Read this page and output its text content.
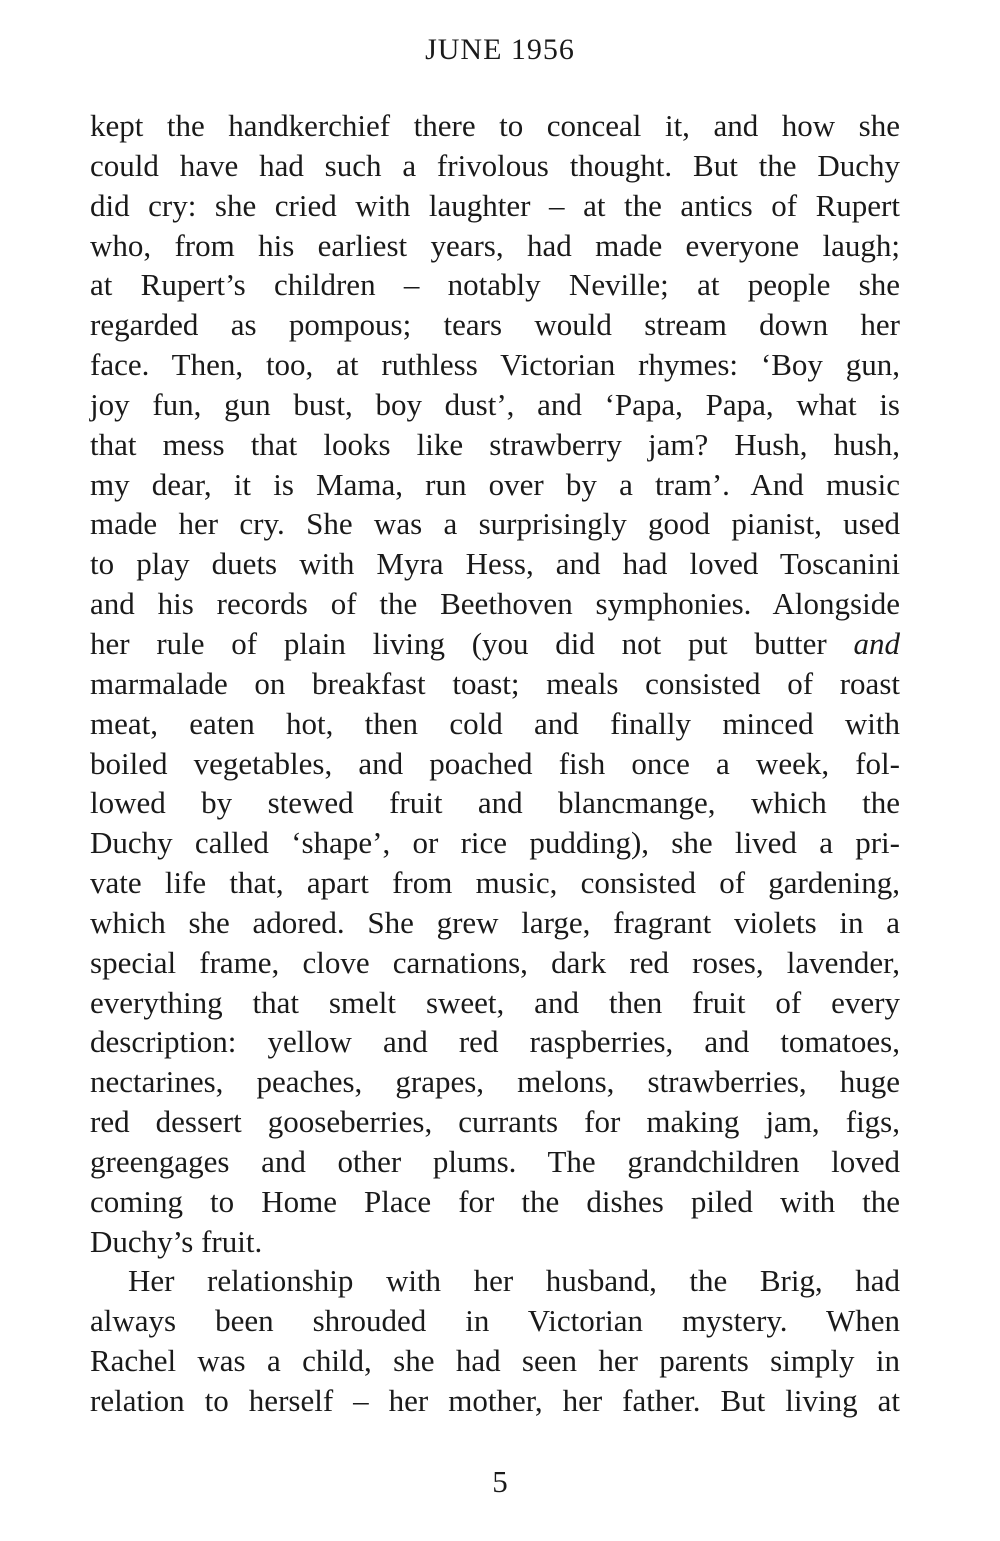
JUNE 1956
kept the handkerchief there to conceal it, and how she
could have had such a frivolous thought. But the Duchy
did cry: she cried with laughter – at the antics of Rupert
who, from his earliest years, had made everyone laugh;
at Rupert’s children – notably Neville; at people she
regarded as pompous; tears would stream down her
face. Then, too, at ruthless Victorian rhymes: ‘Boy gun,
joy fun, gun bust, boy dust’, and ‘Papa, Papa, what is
that mess that looks like strawberry jam? Hush, hush,
my dear, it is Mama, run over by a tram’. And music
made her cry. She was a surprisingly good pianist, used
to play duets with Myra Hess, and had loved Toscanini
and his records of the Beethoven symphonies. Alongside
her rule of plain living (you did not put butter and
marmalade on breakfast toast; meals consisted of roast
meat, eaten hot, then cold and finally minced with
boiled vegetables, and poached fish once a week, fol-
lowed by stewed fruit and blancmange, which the
Duchy called ‘shape’, or rice pudding), she lived a pri-
vate life that, apart from music, consisted of gardening,
which she adored. She grew large, fragrant violets in a
special frame, clove carnations, dark red roses, lavender,
everything that smelt sweet, and then fruit of every
description: yellow and red raspberries, and tomatoes,
nectarines, peaches, grapes, melons, strawberries, huge
red dessert gooseberries, currants for making jam, figs,
greengages and other plums. The grandchildren loved
coming to Home Place for the dishes piled with the
Duchy’s fruit.
Her relationship with her husband, the Brig, had
always been shrouded in Victorian mystery. When
Rachel was a child, she had seen her parents simply in
relation to herself – her mother, her father. But living at
5
